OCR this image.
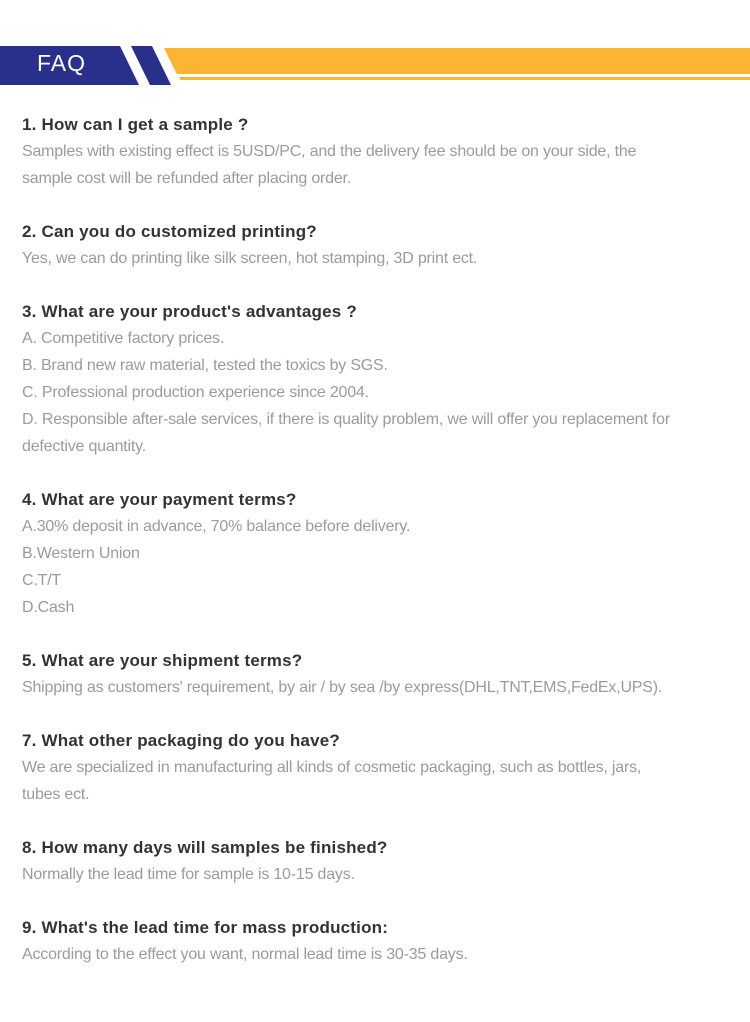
FAQ
1. How can I get a sample ?

Samples with existing effect is 5USD/PC, and the delivery fee should be on your side, the

sample cost will be refunded after placing order.

2. Can you do customized printing?

Yes, we can do printing like silk screen, hot stamping, 3D print ect.

3. What are your product's advantages ?

A. Competitive factory prices.

B. Brand new raw material, tested the toxics by SGS.

C. Professional production experience since 2004.

D. Responsible after-sale services, if there is quality problem, we will offer you replacement for

defective quantity.

4. What are your payment terms?

A.30% deposit in advance, 70% balance before delivery.

B.Western Union

C.T/T

D.Cash

5. What are your shipment terms?

Shipping as customers' requirement, by air / by sea /by express(DHL,TNT,EMS,FedEx,UPS).

7. What other packaging do you have?

We are specialized in manufacturing all kinds of cosmetic packaging, such as bottles, jars,

tubes ect.

8. How many days will samples be finished?

Normally the lead time for sample is 10-15 days.

9. What's the lead time for mass production:

According to the effect you want, normal lead time is 30-35 days.
